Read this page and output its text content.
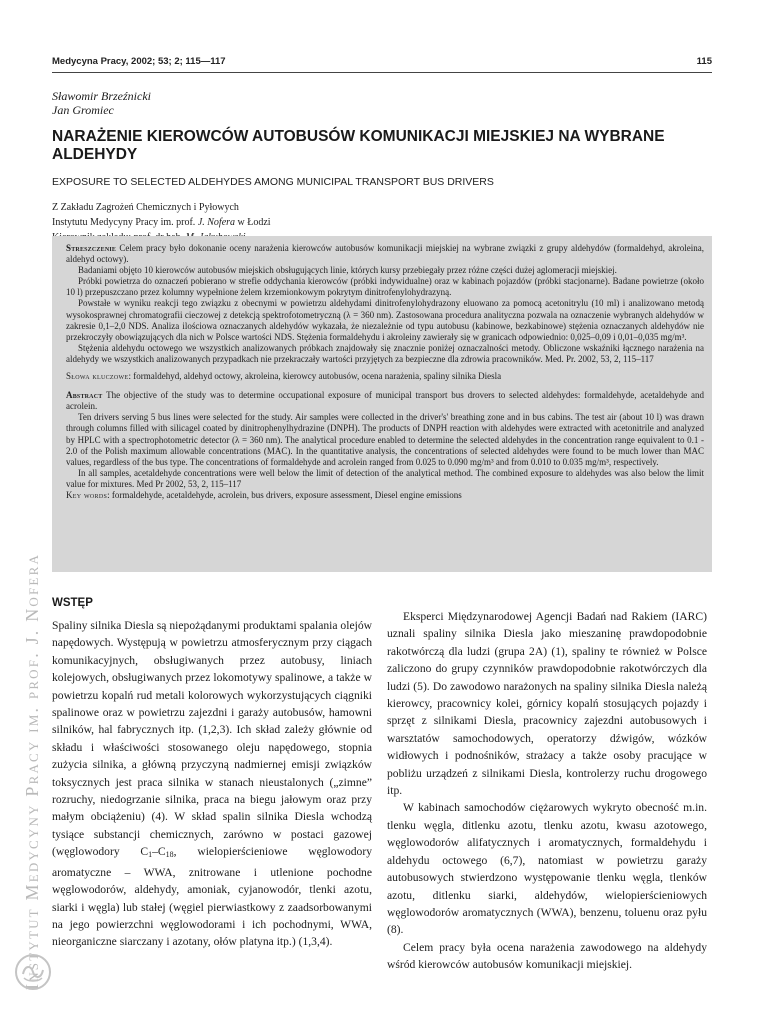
Medycyna Pracy, 2002; 53; 2; 115—117	115
Sławomir Brzeźnicki
Jan Gromiec
NARAŻENIE KIEROWCÓW AUTOBUSÓW KOMUNIKACJI MIEJSKIEJ NA WYBRANE ALDEHYDY
EXPOSURE TO SELECTED ALDEHYDES AMONG MUNICIPAL TRANSPORT BUS DRIVERS
Z Zakładu Zagrożeń Chemicznych i Pyłowych
Instytutu Medycyny Pracy im. prof. J. Nofera w Łodzi

Streszczenie Celem pracy było dokonanie oceny narażenia kierowców autobusów komunikacji miejskiej na wybrane związki z grupy aldehydów (formaldehyd, akroleina, aldehyd octowy).

Badaniami objęto 10 kierowców autobusów miejskich obsługujących linie, których kursy przebiegały przez różne części dużej aglomeracji miejskiej.

Próbki powietrza do oznaczeń pobierano w strefie oddychania kierowców (próbki indywidualne) oraz w kabinach pojazdów (próbki stacjonarne). Badane powietrze (około 10 l) przepuszczano przez kolumny wypełnione żelem krzemionkowym pokrytym dinitrofenylohydrazyną.

Powstałe w wyniku reakcji tego związku z obecnymi w powietrzu aldehydami dinitrofenylohydrazony eluowano za pomocą acetonitrylu (10 ml) i analizowano metodą wysokosprawnej chromatografii cieczowej z detekcją spektrofotometryczną (λ = 360 nm). Zastosowana procedura analityczna pozwala na oznaczenie wybranych aldehydów w zakresie 0,1–2,0 NDS. Analiza ilościowa oznaczanych aldehydów wykazała, że niezależnie od typu autobusu (kabinowe, bezkabinowe) stężenia oznaczanych aldehydów nie przekroczyły obowiązujących dla nich w Polsce wartości NDS. Stężenia formaldehydu i akroleiny zawierały się w granicach odpowiednio: 0,025–0,09 i 0,01–0,035 mg/m³.

Stężenia aldehydu octowego we wszystkich analizowanych próbkach znajdowały się znacznie poniżej oznaczalności metody. Obliczone wskaźniki łącznego narażenia na aldehydy we wszystkich analizowanych przypadkach nie przekraczały wartości przyjętych za bezpieczne dla zdrowia pracowników. Med. Pr. 2002, 53, 2, 115–117

Słowa kluczowe: formaldehyd, aldehyd octowy, akroleina, kierowcy autobusów, ocena narażenia, spaliny silnika Diesla

Abstract The objective of the study was to determine occupational exposure of municipal transport bus drovers to selected aldehydes: formaldehyde, acetaldehyde and acrolein.

Ten drivers serving 5 bus lines were selected for the study. Air samples were collected in the driver's' breathing zone and in bus cabins. The test air (about 10 l) was drawn through columns filled with silicagel coated by dinitrophenylhydrazine (DNPH). The products of DNPH reaction with aldehydes were extracted with acetonitrile and analyzed by HPLC with a spectrophotometric detector (λ = 360 nm). The analytical procedure enabled to determine the selected aldehydes in the concentration range equivalent to 0.1 - 2.0 of the Polish maximum allowable concentrations (MAC). In the quantitative analysis, the concentrations of selected aldehydes were found to be much lower than MAC values, regardless of the bus type. The concentrations of formaldehyde and acrolein ranged from 0.025 to 0.090 mg/m³ and from 0.010 to 0.035 mg/m³, respectively.

In all samples, acetaldehyde concentrations were well below the limit of detection of the analytical method. The combined exposure to aldehydes was also below the limit value for mixtures. Med Pr 2002, 53, 2, 115–117

Key words: formaldehyde, acetaldehyde, acrolein, bus drivers, exposure assessment, Diesel engine emissions

Instytut Medycyny Pracy im. prof. J. Nofera WSTĘP

Spaliny silnika Diesla są niepożądanymi produktami spalania olejów napędowych. Występują w powietrzu atmosferycznym przy ciągach komunikacyjnych, obsługiwanych przez autobusy, liniach kolejowych, obsługiwanych przez lokomotywy spalinowe, a także w powietrzu kopalń rud metali kolorowych wykorzystujących ciągniki spalinowe oraz w powietrzu zajezdni i garaży autobusów, hamowni silników, hal fabrycznych itp. (1,2,3). Ich skład zależy głównie od składu i właściwości stosowanego oleju napędowego, stopnia zużycia silnika, a główną przyczyną nadmiernej emisji związków toksycznych jest praca silnika w stanach nieustalonych („zimne” rozruchy, niedogrzanie silnika, praca na biegu jałowym oraz przy małym obciążeniu) (4). W skład spalin silnika Diesla wchodzą tysiące substancji chemicznych, zarówno w postaci gazowej (węglowodory $C_1-C_{18}$, wielopierścieniowe węglowodory aromatyczne – WWA, znitrowane i utlenione pochodne węglowodorów, aldehydy, amoniak, cyjanowodór, tlenki azotu, siarki i węgla) lub stałej (węgiel pierwiastkowy z zaadsorbowanymi na jego powierzchni węglowodorami i ich pochodnymi, WWA, nieorganiczne siarczany i azotany, ołów platyna itp.) (1,3,4).

Eksperci Międzynarodowej Agencji Badań nad Rakiem (IARC) uznali spaliny silnika Diesla jako mieszaninę prawdopodobnie rakotwórczą dla ludzi (grupa 2A) (1), spaliny te również w Polsce zaliczono do grupy czynników prawdopodobnie rakotwórczych dla ludzi (5). Do zawodowo narażonych na spaliny silnika Diesla należą kierowcy, pracownicy kolei, górnicy kopalń stosujących pojazdy i sprzęt z silnikami Diesla, pracownicy zajezdni autobusowych i warsztatów samochodowych, operatorzy dźwigów, wózków widłowych i podnośników, strażacy a także osoby pracujące w pobliżu urządzeń z silnikami Diesla, kontrolerzy ruchu drogowego itp.

W kabinach samochodów ciężarowych wykryto obecność m.in. tlenku węgla, ditlenku azotu, tlenku azotu, kwasu azotowego, węglowodorów alifatycznych i aromatycznych, formaldehydu i aldehydu octowego (6,7), natomiast w powietrzu garaży autobusowych stwierdzono występowanie tlenku węgla, tlenków azotu, ditlenku siarki, aldehydów, wielopierścieniowych węglowodorów aromatycznych (WWA), benzenu, toluenu oraz pyłu (8).

Celem pracy była ocena narażenia zawodowego na aldehydy wśród kierowców autobusów komunikacji miejskiej.
